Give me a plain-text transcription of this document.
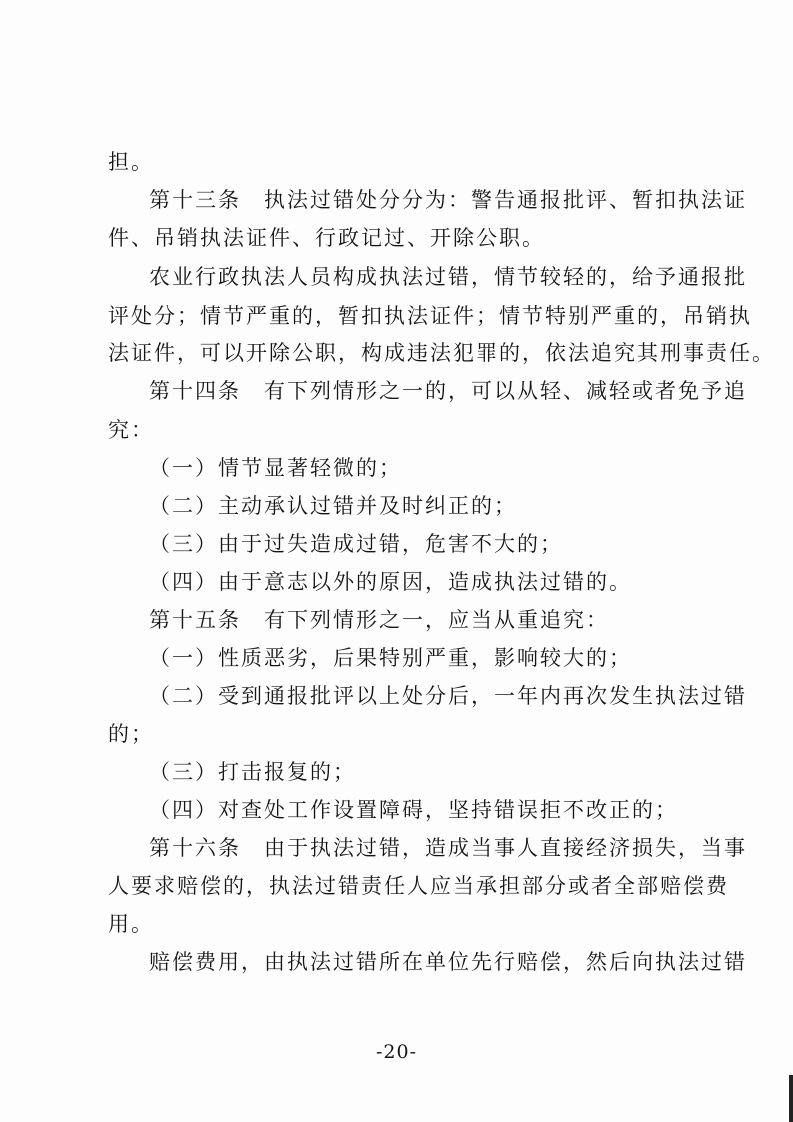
担。
第十三条　执法过错处分分为：警告通报批评、暂扣执法证
件、吊销执法证件、行政记过、开除公职。
农业行政执法人员构成执法过错，情节较轻的，给予通报批
评处分；情节严重的，暂扣执法证件；情节特别严重的，吊销执
法证件，可以开除公职，构成违法犯罪的，依法追究其刑事责任。
第十四条　有下列情形之一的，可以从轻、减轻或者免予追
究：
（一）情节显著轻微的；
（二）主动承认过错并及时纠正的；
（三）由于过失造成过错，危害不大的；
（四）由于意志以外的原因，造成执法过错的。
第十五条　有下列情形之一，应当从重追究：
（一）性质恶劣，后果特别严重，影响较大的；
（二）受到通报批评以上处分后，一年内再次发生执法过错
的；
（三）打击报复的；
（四）对查处工作设置障碍，坚持错误拒不改正的；
第十六条　由于执法过错，造成当事人直接经济损失，当事
人要求赔偿的，执法过错责任人应当承担部分或者全部赔偿费
用。
赔偿费用，由执法过错所在单位先行赔偿，然后向执法过错
-20-
